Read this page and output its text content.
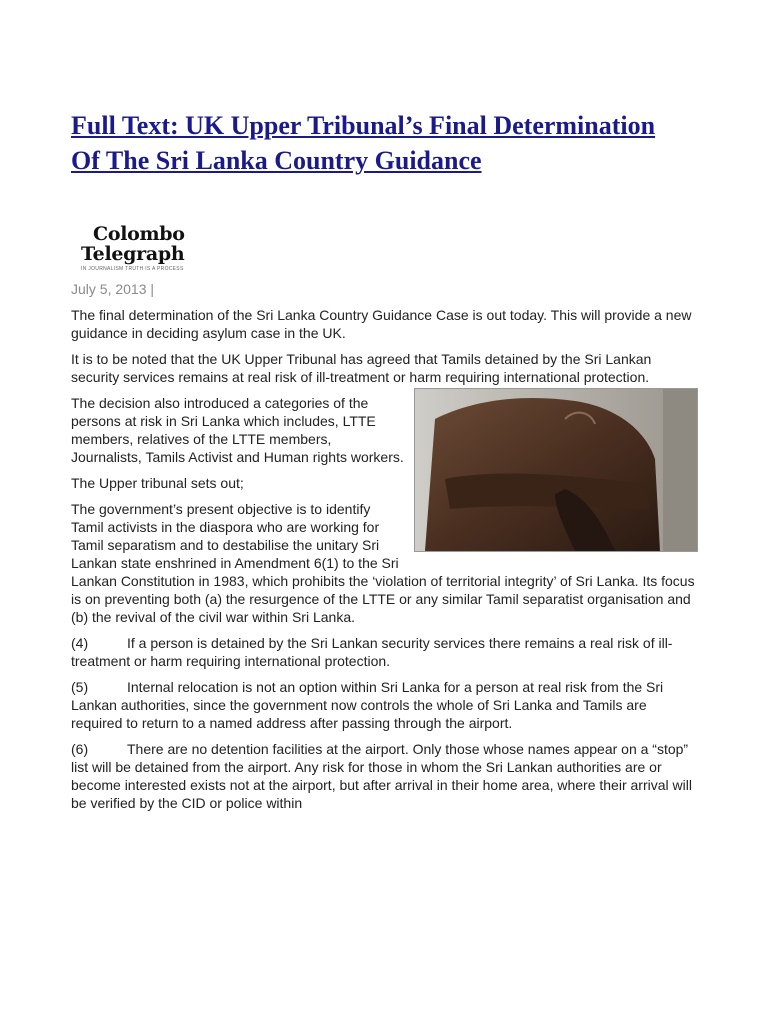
Full Text: UK Upper Tribunal’s Final Determination Of The Sri Lanka Country Guidance
Colombo
Telegraph
IN JOURNALISM TRUTH IS A PROCESS
July 5, 2013 |

The final determination of the Sri Lanka Country Guidance Case is out today. This will provide a new guidance in deciding asylum case in the UK.

It is to be noted that the UK Upper Tribunal has agreed that Tamils detained by the Sri Lankan security services remains at real risk of ill-treatment or harm requiring international protection.

The decision also introduced a categories of the persons at risk in Sri Lanka which includes, LTTE members, relatives of the LTTE members, Journalists, Tamils Activist and Human rights workers.

The Upper tribunal sets out;

The government’s present objective is to identify Tamil activists in the diaspora who are working for Tamil separatism and to destabilise the unitary Sri Lankan state enshrined in Amendment 6(1) to the Sri Lankan Constitution in 1983, which prohibits the ‘violation of territorial integrity’ of Sri Lanka. Its focus is on preventing both (a) the resurgence of the LTTE or any similar Tamil separatist organisation and (b) the revival of the civil war within Sri Lanka.

(4)	If a person is detained by the Sri Lankan security services there remains a real risk of ill-treatment or harm requiring international protection.

(5)	Internal relocation is not an option within Sri Lanka for a person at real risk from the Sri Lankan authorities, since the government now controls the whole of Sri Lanka and Tamils are required to return to a named address after passing through the airport.

(6)	There are no detention facilities at the airport. Only those whose names appear on a “stop” list will be detained from the airport. Any risk for those in whom the Sri Lankan authorities are or become interested exists not at the airport, but after arrival in their home area, where their arrival will be verified by the CID or police within
